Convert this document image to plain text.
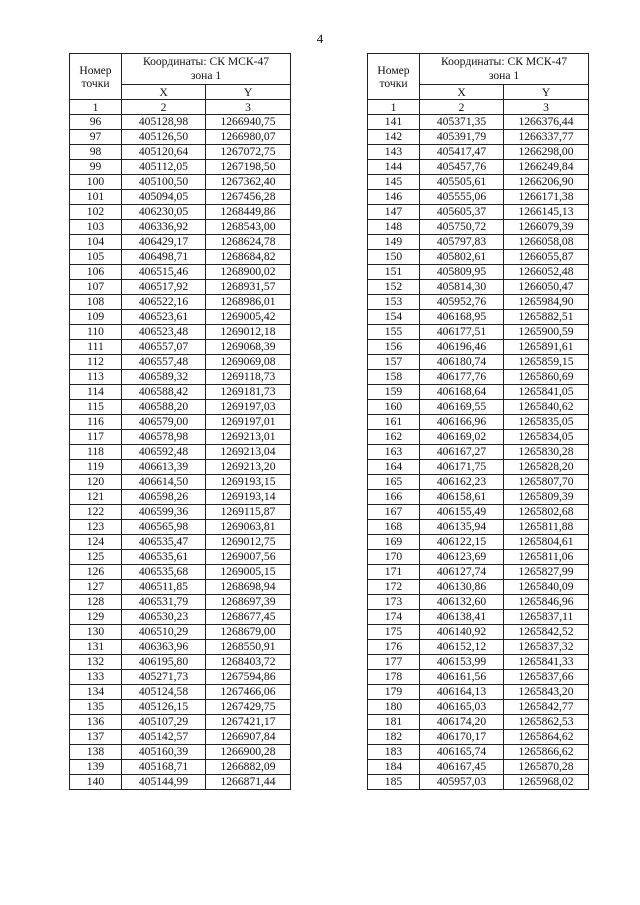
4
Номер
точки	Координаты: СК МСК-47
зона 1	
	X	Y
1	2	3
96	405128,98	1266940,75
97	405126,50	1266980,07
98	405120,64	1267072,75
99	405112,05	1267198,50
100	405100,50	1267362,40
101	405094,05	1267456,28
102	406230,05	1268449,86
103	406336,92	1268543,00
104	406429,17	1268624,78
105	406498,71	1268684,82
106	406515,46	1268900,02
107	406517,92	1268931,57
108	406522,16	1268986,01
109	406523,61	1269005,42
110	406523,48	1269012,18
111	406557,07	1269068,39
112	406557,48	1269069,08
113	406589,32	1269118,73
114	406588,42	1269181,73
115	406588,20	1269197,03
116	406579,00	1269197,01
117	406578,98	1269213,01
118	406592,48	1269213,04
119	406613,39	1269213,20
120	406614,50	1269193,15
121	406598,26	1269193,14
122	406599,36	1269115,87
123	406565,98	1269063,81
124	406535,47	1269012,75
125	406535,61	1269007,56
126	406535,68	1269005,15
127	406511,85	1268698,94
128	406531,79	1268697,39
129	406530,23	1268677,45
130	406510,29	1268679,00
131	406363,96	1268550,91
132	406195,80	1268403,72
133	405271,73	1267594,86
134	405124,58	1267466,06
135	405126,15	1267429,75
136	405107,29	1267421,17
137	405142,57	1266907,84
138	405160,39	1266900,28
139	405168,71	1266882,09
140	405144,99	1266871,44
Номер
точки	Координаты: СК МСК-47
зона 1	
	X	Y
1	2	3
141	405371,35	1266376,44
142	405391,79	1266337,77
143	405417,47	1266298,00
144	405457,76	1266249,84
145	405505,61	1266206,90
146	405555,06	1266171,38
147	405605,37	1266145,13
148	405750,72	1266079,39
149	405797,83	1266058,08
150	405802,61	1266055,87
151	405809,95	1266052,48
152	405814,30	1266050,47
153	405952,76	1265984,90
154	406168,95	1265882,51
155	406177,51	1265900,59
156	406196,46	1265891,61
157	406180,74	1265859,15
158	406177,76	1265860,69
159	406168,64	1265841,05
160	406169,55	1265840,62
161	406166,96	1265835,05
162	406169,02	1265834,05
163	406167,27	1265830,28
164	406171,75	1265828,20
165	406162,23	1265807,70
166	406158,61	1265809,39
167	406155,49	1265802,68
168	406135,94	1265811,88
169	406122,15	1265804,61
170	406123,69	1265811,06
171	406127,74	1265827,99
172	406130,86	1265840,09
173	406132,60	1265846,96
174	406138,41	1265837,11
175	406140,92	1265842,52
176	406152,12	1265837,32
177	406153,99	1265841,33
178	406161,56	1265837,66
179	406164,13	1265843,20
180	406165,03	1265842,77
181	406174,20	1265862,53
182	406170,17	1265864,62
183	406165,74	1265866,62
184	406167,45	1265870,28
185	405957,03	1265968,02
